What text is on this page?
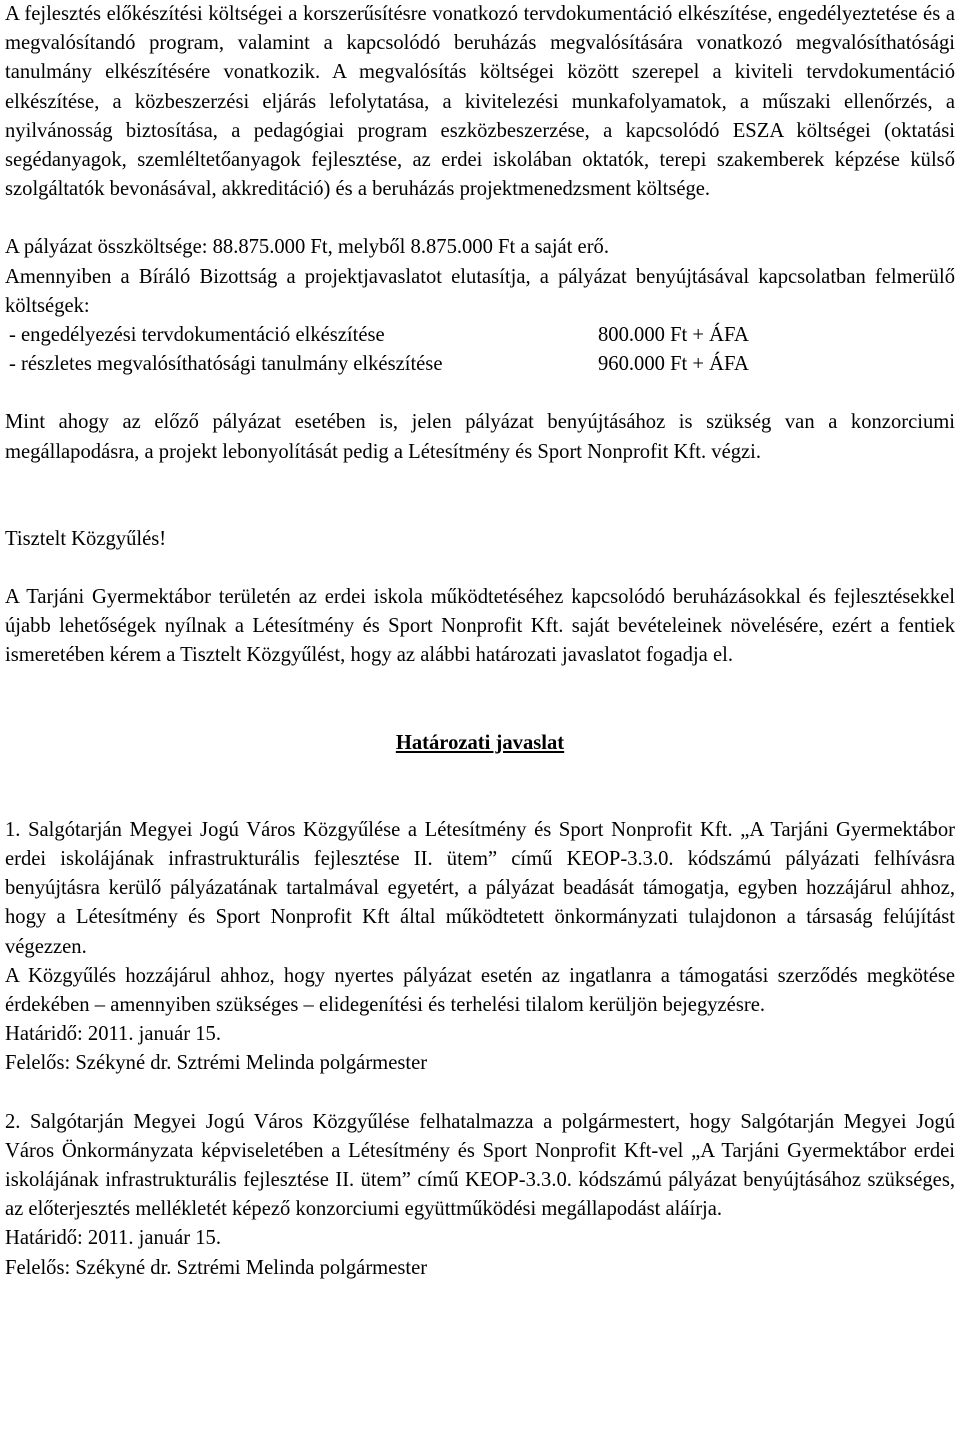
A fejlesztés előkészítési költségei a korszerűsítésre vonatkozó tervdokumentáció elkészítése, engedélyeztetése és a megvalósítandó program, valamint a kapcsolódó beruházás megvalósítására vonatkozó megvalósíthatósági tanulmány elkészítésére vonatkozik. A megvalósítás költségei között szerepel a kiviteli tervdokumentáció elkészítése, a közbeszerzési eljárás lefolytatása, a kivitelezési munkafolyamatok, a műszaki ellenőrzés, a nyilvánosság biztosítása, a pedagógiai program eszközbeszerzése, a kapcsolódó ESZA költségei (oktatási segédanyagok, szemléltetőanyagok fejlesztése, az erdei iskolában oktatók, terepi szakemberek képzése külső szolgáltatók bevonásával, akkreditáció) és a beruházás projektmenedzsment költsége.

A pályázat összköltsége: 88.875.000 Ft, melyből 8.875.000 Ft a saját erő.

Amennyiben a Bíráló Bizottság a projektjavaslatot elutasítja, a pályázat benyújtásával kapcsolatban felmerülő költségek:

- engedélyezési tervdokumentáció elkészítése	800.000 Ft + ÁFA
- részletes megvalósíthatósági tanulmány elkészítése	960.000 Ft + ÁFA

Mint ahogy az előző pályázat esetében is, jelen pályázat benyújtásához is szükség van a konzorciumi megállapodásra, a projekt lebonyolítását pedig a Létesítmény és Sport Nonprofit Kft. végzi.

Tisztelt Közgyűlés!

A Tarjáni Gyermektábor területén az erdei iskola működtetéséhez kapcsolódó beruházásokkal és fejlesztésekkel újabb lehetőségek nyílnak a Létesítmény és Sport Nonprofit Kft. saját bevételeinek növelésére, ezért a fentiek ismeretében kérem a Tisztelt Közgyűlést, hogy az alábbi határozati javaslatot fogadja el.

Határozati javaslat

1. Salgótarján Megyei Jogú Város Közgyűlése a Létesítmény és Sport Nonprofit Kft. „A Tarjáni Gyermektábor erdei iskolájának infrastrukturális fejlesztése II. ütem” című KEOP-3.3.0. kódszámú pályázati felhívásra benyújtásra kerülő pályázatának tartalmával egyetért, a pályázat beadását támogatja, egyben hozzájárul ahhoz, hogy a Létesítmény és Sport Nonprofit Kft által működtetett önkormányzati tulajdonon a társaság felújítást végezzen.

A Közgyűlés hozzájárul ahhoz, hogy nyertes pályázat esetén az ingatlanra a támogatási szerződés megkötése érdekében – amennyiben szükséges – elidegenítési és terhelési tilalom kerüljön bejegyzésre.

Határidő: 2011. január 15.

Felelős: Székyné dr. Sztrémi Melinda polgármester

2. Salgótarján Megyei Jogú Város Közgyűlése felhatalmazza a polgármestert, hogy Salgótarján Megyei Jogú Város Önkormányzata képviseletében a Létesítmény és Sport Nonprofit Kft-vel „A Tarjáni Gyermektábor erdei iskolájának infrastrukturális fejlesztése II. ütem” című KEOP-3.3.0. kódszámú pályázat benyújtásához szükséges, az előterjesztés mellékletét képező konzorciumi együttműködési megállapodást aláírja.

Határidő: 2011. január 15.

Felelős: Székyné dr. Sztrémi Melinda polgármester
